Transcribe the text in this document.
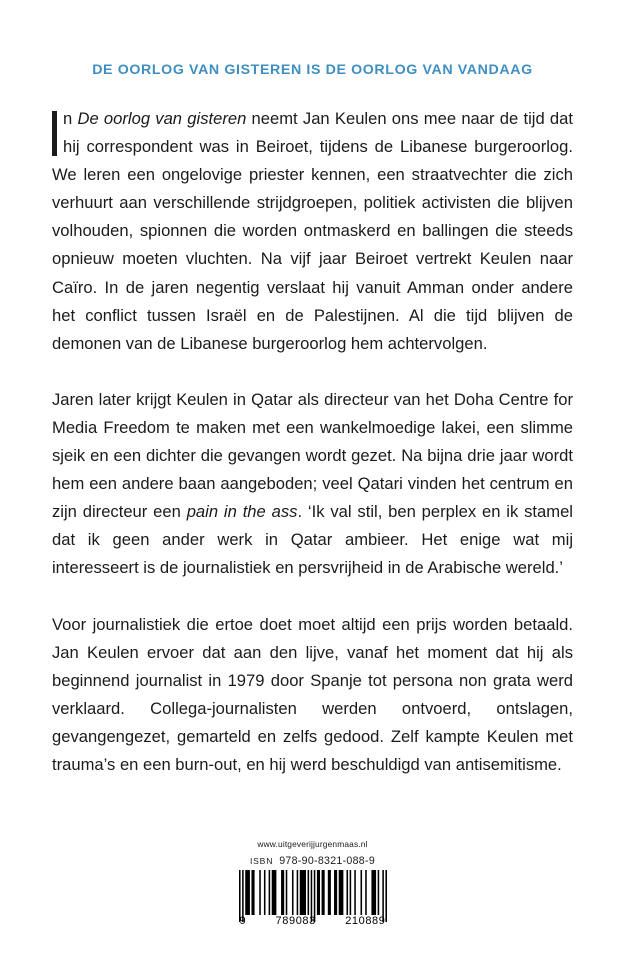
DE OORLOG VAN GISTEREN IS DE OORLOG VAN VANDAAG

n De oorlog van gisteren neemt Jan Keulen ons mee naar de tijd dat hij correspondent was in Beiroet, tijdens de Libanese burgeroorlog. We leren een ongelovige priester kennen, een straatvechter die zich verhuurt aan verschillende strijdgroepen, politiek activisten die blijven volhouden, spionnen die worden ontmaskerd en ballingen die steeds opnieuw moeten vluchten. Na vijf jaar Beiroet vertrekt Keulen naar Caïro. In de jaren negentig verslaat hij vanuit Amman onder andere het conflict tussen Israël en de Palestijnen. Al die tijd blijven de demonen van de Libanese burgeroorlog hem achtervolgen.

Jaren later krijgt Keulen in Qatar als directeur van het Doha Centre for Media Freedom te maken met een wankelmoedige lakei, een slimme sjeik en een dichter die gevangen wordt gezet. Na bijna drie jaar wordt hem een andere baan aangeboden; veel Qatari vinden het centrum en zijn directeur een pain in the ass. ‘Ik val stil, ben perplex en ik stamel dat ik geen ander werk in Qatar ambieer. Het enige wat mij interesseert is de journalistiek en persvrijheid in de Arabische wereld.’

Voor journalistiek die ertoe doet moet altijd een prijs worden betaald. Jan Keulen ervoer dat aan den lijve, vanaf het moment dat hij als beginnend journalist in 1979 door Spanje tot persona non grata werd verklaard. Collega-journalisten werden ontvoerd, ontslagen, gevangengezet, gemarteld en zelfs gedood. Zelf kampte Keulen met trauma’s en een burn-out, en hij werd beschuldigd van antisemitisme.

www.uitgeverijjurgenmaas.nl
ISBN 978-90-8321-088-9
9	789083	210889
